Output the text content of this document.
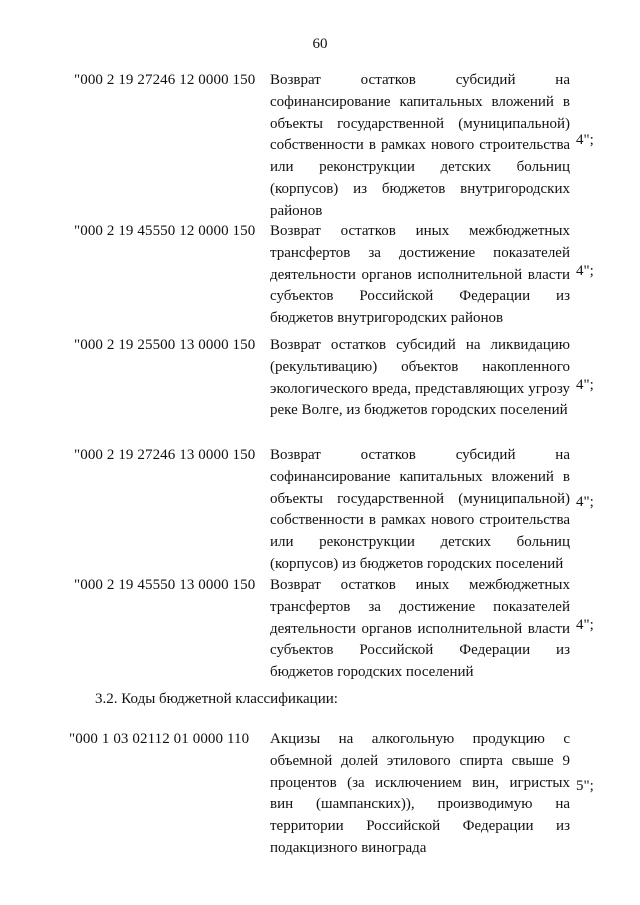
60
"000 2 19 27246 12 0000 150 Возврат остатков субсидий на софинансирование капитальных вложений в объекты государственной (муниципальной) собственности в рамках нового строительства или реконструкции детских больниц (корпусов) из бюджетов внутригородских районов
4";
"000 2 19 45550 12 0000 150 Возврат остатков иных межбюджетных трансфертов за достижение показателей деятельности органов исполнительной власти субъектов Российской Федерации из бюджетов внутригородских районов
4";
"000 2 19 25500 13 0000 150 Возврат остатков субсидий на ликвидацию (рекультивацию) объектов накопленного экологического вреда, представляющих угрозу реке Волге, из бюджетов городских поселений
4";
"000 2 19 27246 13 0000 150 Возврат остатков субсидий на софинансирование капитальных вложений в объекты государственной (муниципальной) собственности в рамках нового строительства или реконструкции детских больниц (корпусов) из бюджетов городских поселений
4";
"000 2 19 45550 13 0000 150 Возврат остатков иных межбюджетных трансфертов за достижение показателей деятельности органов исполнительной власти субъектов Российской Федерации из бюджетов городских поселений
4";
3.2. Коды бюджетной классификации:
"000 1 03 02112 01 0000 110 Акцизы на алкогольную продукцию с объемной долей этилового спирта свыше 9 процентов (за исключением вин, игристых вин (шампанских)), производимую на территории Российской Федерации из подакцизного винограда
5";
